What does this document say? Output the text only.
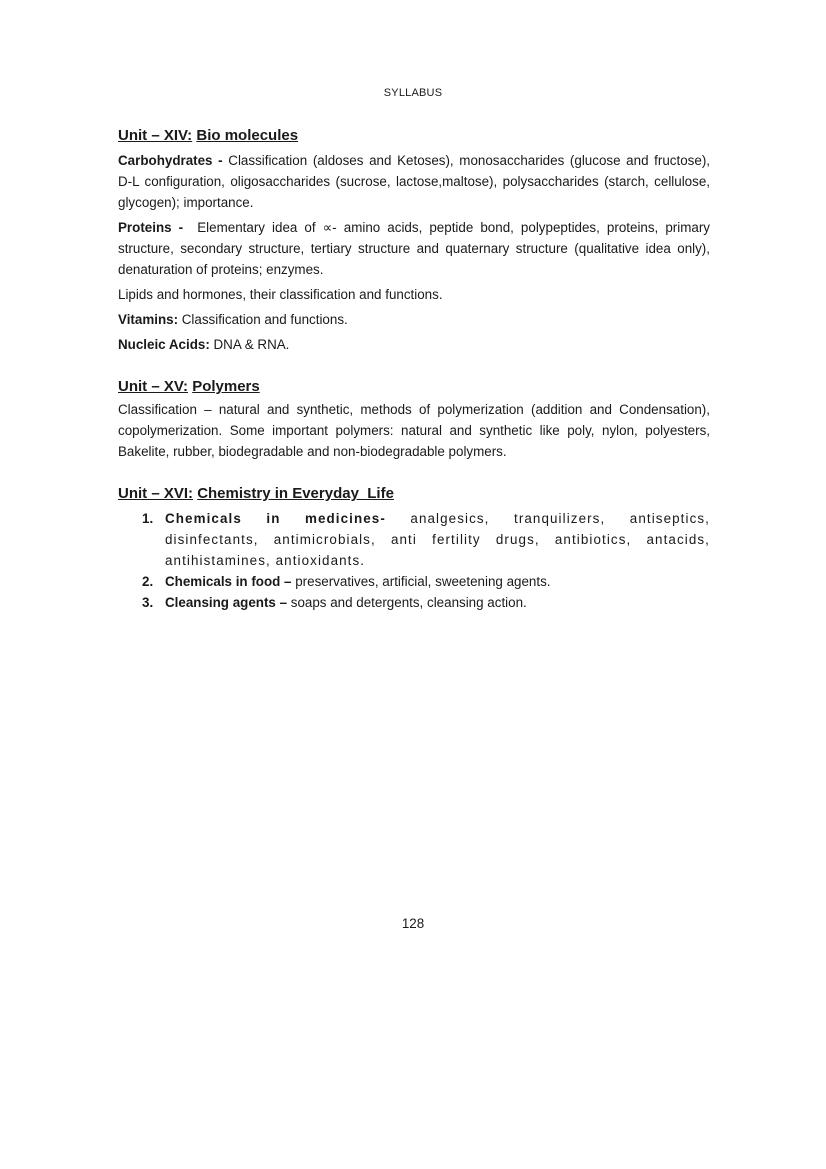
SYLLABUS
Unit – XIV: Bio molecules

Carbohydrates - Classification (aldoses and Ketoses), monosaccharides (glucose and fructose), D-L configuration, oligosaccharides (sucrose, lactose,maltose), polysaccharides (starch, cellulose, glycogen); importance.

Proteins -  Elementary idea of ∝- amino acids, peptide bond, polypeptides, proteins, primary structure, secondary structure, tertiary structure and quaternary structure (qualitative idea only), denaturation of proteins; enzymes.

Lipids and hormones, their classification and functions.

Vitamins: Classification and functions.

Nucleic Acids: DNA & RNA.

Unit – XV: Polymers

Classification – natural and synthetic, methods of polymerization (addition and Condensation), copolymerization. Some important polymers: natural and synthetic like poly, nylon, polyesters, Bakelite, rubber, biodegradable and non-biodegradable polymers.

Unit – XVI: Chemistry in Everyday  Life
1. Chemicals in medicines- analgesics, tranquilizers, antiseptics, disinfectants, antimicrobials, anti fertility drugs, antibiotics, antacids, antihistamines, antioxidants.
2. Chemicals in food – preservatives, artificial, sweetening agents.
3. Cleansing agents – soaps and detergents, cleansing action.
128
